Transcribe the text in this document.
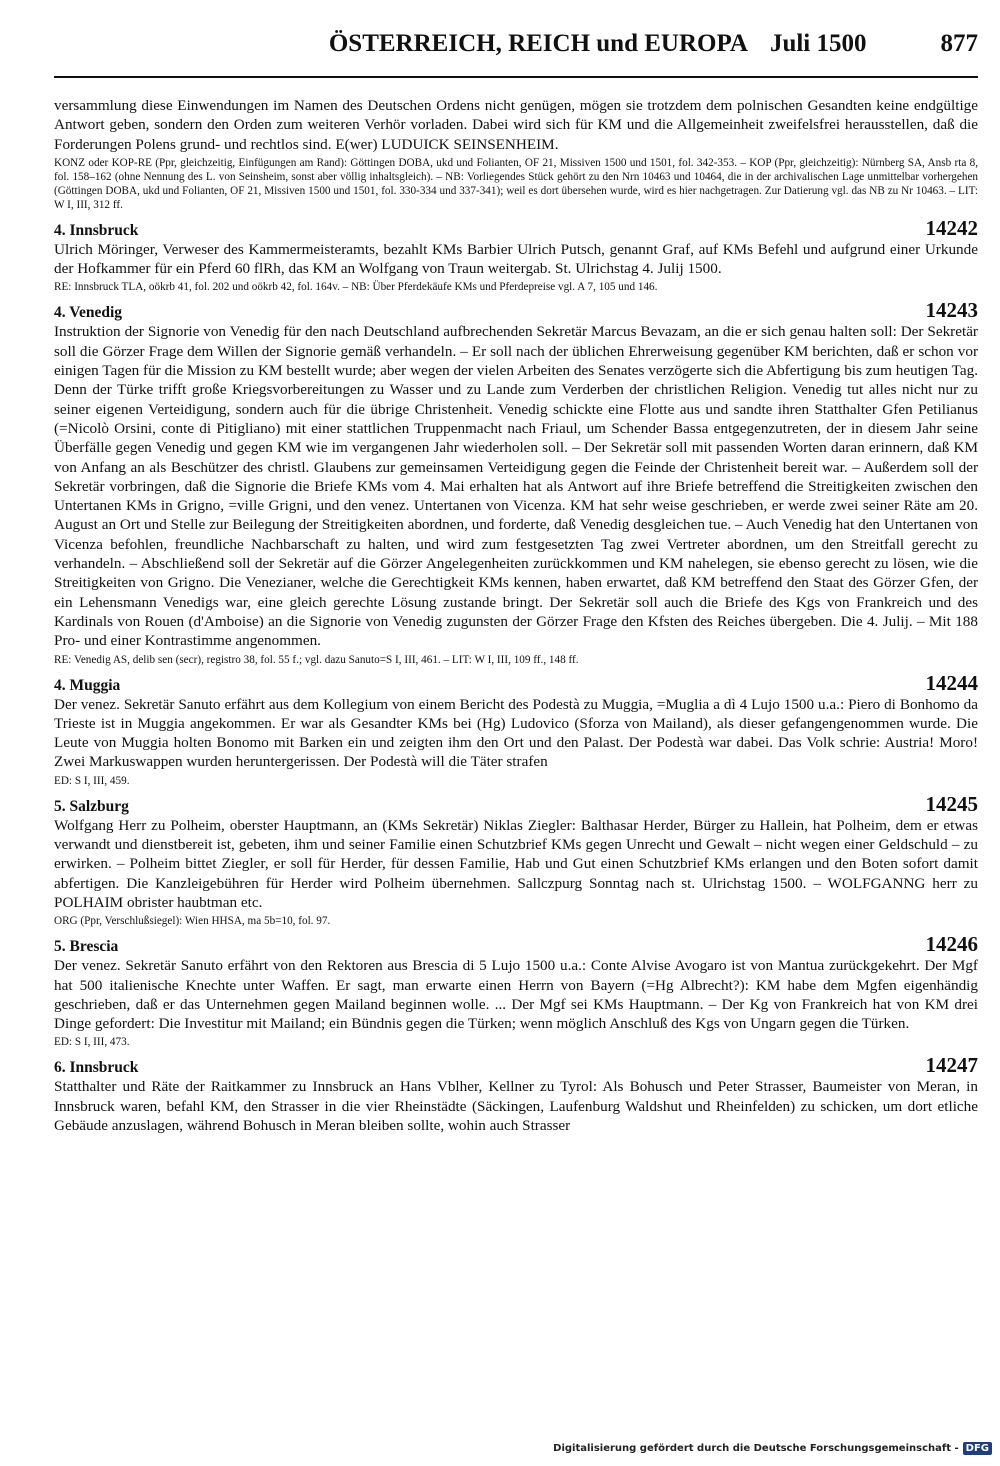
ÖSTERREICH, REICH und EUROPA Juli 1500	877

versammlung diese Einwendungen im Namen des Deutschen Ordens nicht genügen, mögen sie trotzdem dem polnischen Gesandten keine endgültige Antwort geben, sondern den Orden zum weiteren Verhör vorladen. Dabei wird sich für KM und die Allgemeinheit zweifelsfrei herausstellen, daß die Forderungen Polens grund- und rechtlos sind. E(wer) LUDUICK SEINSENHEIM.

KONZ oder KOP-RE (Ppr, gleichzeitig, Einfügungen am Rand): Göttingen DOBA, ukd und Folianten, OF 21, Missiven 1500 und 1501, fol. 342-353. – KOP (Ppr, gleichzeitig): Nürnberg SA, Ansb rta 8, fol. 158–162 (ohne Nennung des L. von Seinsheim, sonst aber völlig inhaltsgleich). – NB: Vorliegendes Stück gehört zu den Nrn 10463 und 10464, die in der archivalischen Lage unmittelbar vorhergehen (Göttingen DOBA, ukd und Folianten, OF 21, Missiven 1500 und 1501, fol. 330-334 und 337-341); weil es dort übersehen wurde, wird es hier nachgetragen. Zur Datierung vgl. das NB zu Nr 10463. – LIT: W I, III, 312 ff.

4. Innsbruck	14242

Ulrich Möringer, Verweser des Kammermeisteramts, bezahlt KMs Barbier Ulrich Putsch, genannt Graf, auf KMs Befehl und aufgrund einer Urkunde der Hofkammer für ein Pferd 60 flRh, das KM an Wolfgang von Traun weitergab. St. Ulrichstag 4. Julij 1500.

RE: Innsbruck TLA, oökrb 41, fol. 202 und oökrb 42, fol. 164v. – NB: Über Pferdekäufe KMs und Pferdepreise vgl. A 7, 105 und 146.

4. Venedig	14243

Instruktion der Signorie von Venedig für den nach Deutschland aufbrechenden Sekretär Marcus Bevazam, an die er sich genau halten soll: Der Sekretär soll die Görzer Frage dem Willen der Signorie gemäß verhandeln. – Er soll nach der üblichen Ehrerweisung gegenüber KM berichten, daß er schon vor einigen Tagen für die Mission zu KM bestellt wurde; aber wegen der vielen Arbeiten des Senates verzögerte sich die Abfertigung bis zum heutigen Tag. Denn der Türke trifft große Kriegsvorbereitungen zu Wasser und zu Lande zum Verderben der christlichen Religion. Venedig tut alles nicht nur zu seiner eigenen Verteidigung, sondern auch für die übrige Christenheit. Venedig schickte eine Flotte aus und sandte ihren Statthalter Gfen Petilianus (=Nicolò Orsini, conte di Pitigliano) mit einer stattlichen Truppenmacht nach Friaul, um Schender Bassa entgegenzutreten, der in diesem Jahr seine Überfälle gegen Venedig und gegen KM wie im vergangenen Jahr wiederholen soll. – Der Sekretär soll mit passenden Worten daran erinnern, daß KM von Anfang an als Beschützer des christl. Glaubens zur gemeinsamen Verteidigung gegen die Feinde der Christenheit bereit war. – Außerdem soll der Sekretär vorbringen, daß die Signorie die Briefe KMs vom 4. Mai erhalten hat als Antwort auf ihre Briefe betreffend die Streitigkeiten zwischen den Untertanen KMs in Grigno, =ville Grigni, und den venez. Untertanen von Vicenza. KM hat sehr weise geschrieben, er werde zwei seiner Räte am 20. August an Ort und Stelle zur Beilegung der Streitigkeiten abordnen, und forderte, daß Venedig desgleichen tue. – Auch Venedig hat den Untertanen von Vicenza befohlen, freundliche Nachbarschaft zu halten, und wird zum festgesetzten Tag zwei Vertreter abordnen, um den Streitfall gerecht zu verhandeln. – Abschließend soll der Sekretär auf die Görzer Angelegenheiten zurückkommen und KM nahelegen, sie ebenso gerecht zu lösen, wie die Streitigkeiten von Grigno. Die Venezianer, welche die Gerechtigkeit KMs kennen, haben erwartet, daß KM betreffend den Staat des Görzer Gfen, der ein Lehensmann Venedigs war, eine gleich gerechte Lösung zustande bringt. Der Sekretär soll auch die Briefe des Kgs von Frankreich und des Kardinals von Rouen (d'Amboise) an die Signorie von Venedig zugunsten der Görzer Frage den Kfsten des Reiches übergeben. Die 4. Julij. – Mit 188 Pro- und einer Kontrastimme angenommen.

RE: Venedig AS, delib sen (secr), registro 38, fol. 55 f.; vgl. dazu Sanuto=S I, III, 461. – LIT: W I, III, 109 ff., 148 ff.

4. Muggia	14244

Der venez. Sekretär Sanuto erfährt aus dem Kollegium von einem Bericht des Podestà zu Muggia, =Muglia a dì 4 Lujo 1500 u.a.: Piero di Bonhomo da Trieste ist in Muggia angekommen. Er war als Gesandter KMs bei (Hg) Ludovico (Sforza von Mailand), als dieser gefangengenommen wurde. Die Leute von Muggia holten Bonomo mit Barken ein und zeigten ihm den Ort und den Palast. Der Podestà war dabei. Das Volk schrie: Austria! Moro! Zwei Markuswappen wurden heruntergerissen. Der Podestà will die Täter strafen

ED: S I, III, 459.

5. Salzburg	14245

Wolfgang Herr zu Polheim, oberster Hauptmann, an (KMs Sekretär) Niklas Ziegler: Balthasar Herder, Bürger zu Hallein, hat Polheim, dem er etwas verwandt und dienstbereit ist, gebeten, ihm und seiner Familie einen Schutzbrief KMs gegen Unrecht und Gewalt – nicht wegen einer Geldschuld – zu erwirken. – Polheim bittet Ziegler, er soll für Herder, für dessen Familie, Hab und Gut einen Schutzbrief KMs erlangen und den Boten sofort damit abfertigen. Die Kanzleigebühren für Herder wird Polheim übernehmen. Sallczpurg Sonntag nach st. Ulrichstag 1500. – WOLFGANNG herr zu POLHAIM obrister haubtman etc.

ORG (Ppr, Verschlußsiegel): Wien HHSA, ma 5b=10, fol. 97.

5. Brescia	14246

Der venez. Sekretär Sanuto erfährt von den Rektoren aus Brescia di 5 Lujo 1500 u.a.: Conte Alvise Avogaro ist von Mantua zurückgekehrt. Der Mgf hat 500 italienische Knechte unter Waffen. Er sagt, man erwarte einen Herrn von Bayern (=Hg Albrecht?): KM habe dem Mgfen eigenhändig geschrieben, daß er das Unternehmen gegen Mailand beginnen wolle. ... Der Mgf sei KMs Hauptmann. – Der Kg von Frankreich hat von KM drei Dinge gefordert: Die Investitur mit Mailand; ein Bündnis gegen die Türken; wenn möglich Anschluß des Kgs von Ungarn gegen die Türken.

ED: S I, III, 473.

6. Innsbruck	14247

Statthalter und Räte der Raitkammer zu Innsbruck an Hans Vblher, Kellner zu Tyrol: Als Bohusch und Peter Strasser, Baumeister von Meran, in Innsbruck waren, befahl KM, den Strasser in die vier Rheinstädte (Säckingen, Laufenburg Waldshut und Rheinfelden) zu schicken, um dort etliche Gebäude anzuslagen, während Bohusch in Meran bleiben sollte, wohin auch Strasser

Digitalisierung gefördert durch die Deutsche Forschungsgemeinschaft - DFG
